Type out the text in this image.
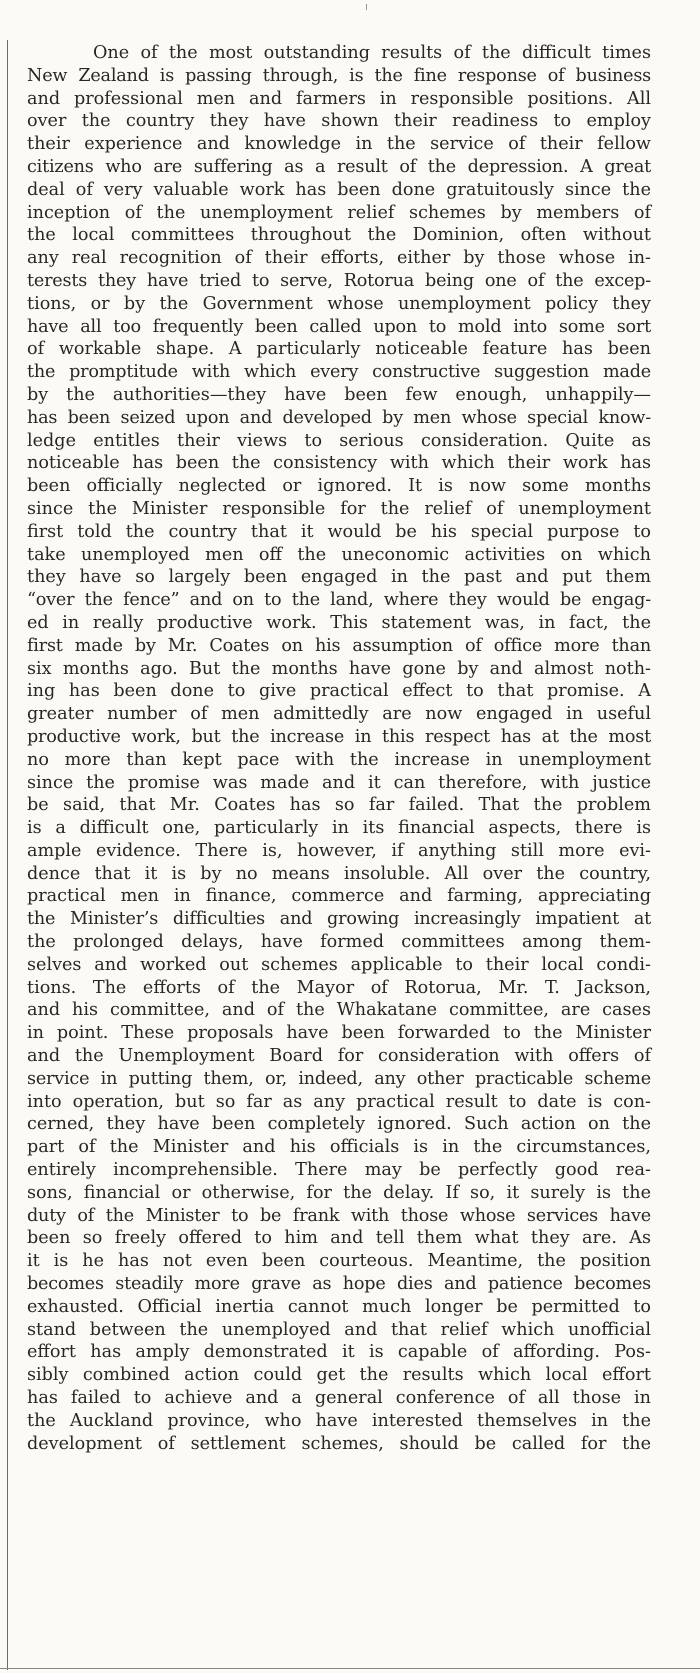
One of the most outstanding results of the difficult times
New Zealand is passing through, is the fine response of business
and professional men and farmers in responsible positions. All
over the country they have shown their readiness to employ
their experience and knowledge in the service of their fellow
citizens who are suffering as a result of the depression. A great
deal of very valuable work has been done gratuitously since the
inception of the unemployment relief schemes by members of
the local committees throughout the Dominion, often without
any real recognition of their efforts, either by those whose in-
terests they have tried to serve, Rotorua being one of the excep-
tions, or by the Government whose unemployment policy they
have all too frequently been called upon to mold into some sort
of workable shape. A particularly noticeable feature has been
the promptitude with which every constructive suggestion made
by the authorities—they have been few enough, unhappily—
has been seized upon and developed by men whose special know-
ledge entitles their views to serious consideration. Quite as
noticeable has been the consistency with which their work has
been officially neglected or ignored. It is now some months
since the Minister responsible for the relief of unemployment
first told the country that it would be his special purpose to
take unemployed men off the uneconomic activities on which
they have so largely been engaged in the past and put them
“over the fence” and on to the land, where they would be engag-
ed in really productive work. This statement was, in fact, the
first made by Mr. Coates on his assumption of office more than
six months ago. But the months have gone by and almost noth-
ing has been done to give practical effect to that promise. A
greater number of men admittedly are now engaged in useful
productive work, but the increase in this respect has at the most
no more than kept pace with the increase in unemployment
since the promise was made and it can therefore, with justice
be said, that Mr. Coates has so far failed. That the problem
is a difficult one, particularly in its financial aspects, there is
ample evidence. There is, however, if anything still more evi-
dence that it is by no means insoluble. All over the country,
practical men in finance, commerce and farming, appreciating
the Minister’s difficulties and growing increasingly impatient at
the prolonged delays, have formed committees among them-
selves and worked out schemes applicable to their local condi-
tions. The efforts of the Mayor of Rotorua, Mr. T. Jackson,
and his committee, and of the Whakatane committee, are cases
in point. These proposals have been forwarded to the Minister
and the Unemployment Board for consideration with offers of
service in putting them, or, indeed, any other practicable scheme
into operation, but so far as any practical result to date is con-
cerned, they have been completely ignored. Such action on the
part of the Minister and his officials is in the circumstances,
entirely incomprehensible. There may be perfectly good rea-
sons, financial or otherwise, for the delay. If so, it surely is the
duty of the Minister to be frank with those whose services have
been so freely offered to him and tell them what they are. As
it is he has not even been courteous. Meantime, the position
becomes steadily more grave as hope dies and patience becomes
exhausted. Official inertia cannot much longer be permitted to
stand between the unemployed and that relief which unofficial
effort has amply demonstrated it is capable of affording. Pos-
sibly combined action could get the results which local effort
has failed to achieve and a general conference of all those in
the Auckland province, who have interested themselves in the
development of settlement schemes, should be called for the
